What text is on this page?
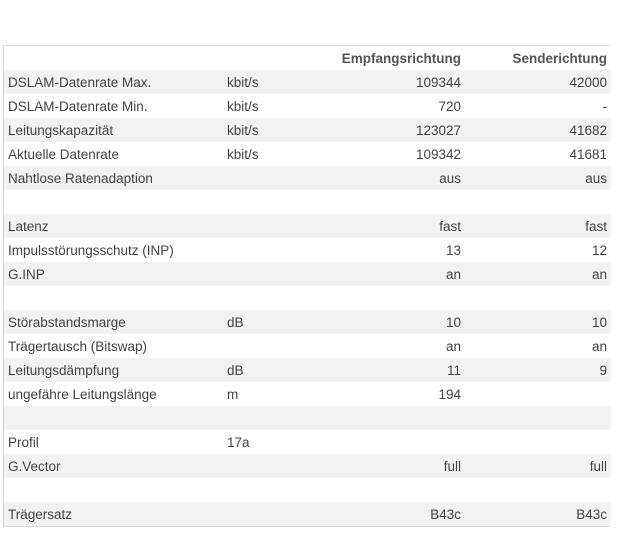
		Empfangsrichtung	Senderichtung
DSLAM-Datenrate Max.	kbit/s	109344	42000
DSLAM-Datenrate Min.	kbit/s	720	-
Leitungskapazität	kbit/s	123027	41682
Aktuelle Datenrate	kbit/s	109342	41681
Nahtlose Ratenadaption		aus	aus

Latenz		fast	fast
Impulsstörungsschutz (INP)		13	12
G.INP		an	an

Störabstandsmarge	dB	10	10
Trägertausch (Bitswap)		an	an
Leitungsdämpfung	dB	11	9
ungefähre Leitungslänge	m	194	

Profil	17a		
G.Vector		full	full

Trägersatz		B43c	B43c
